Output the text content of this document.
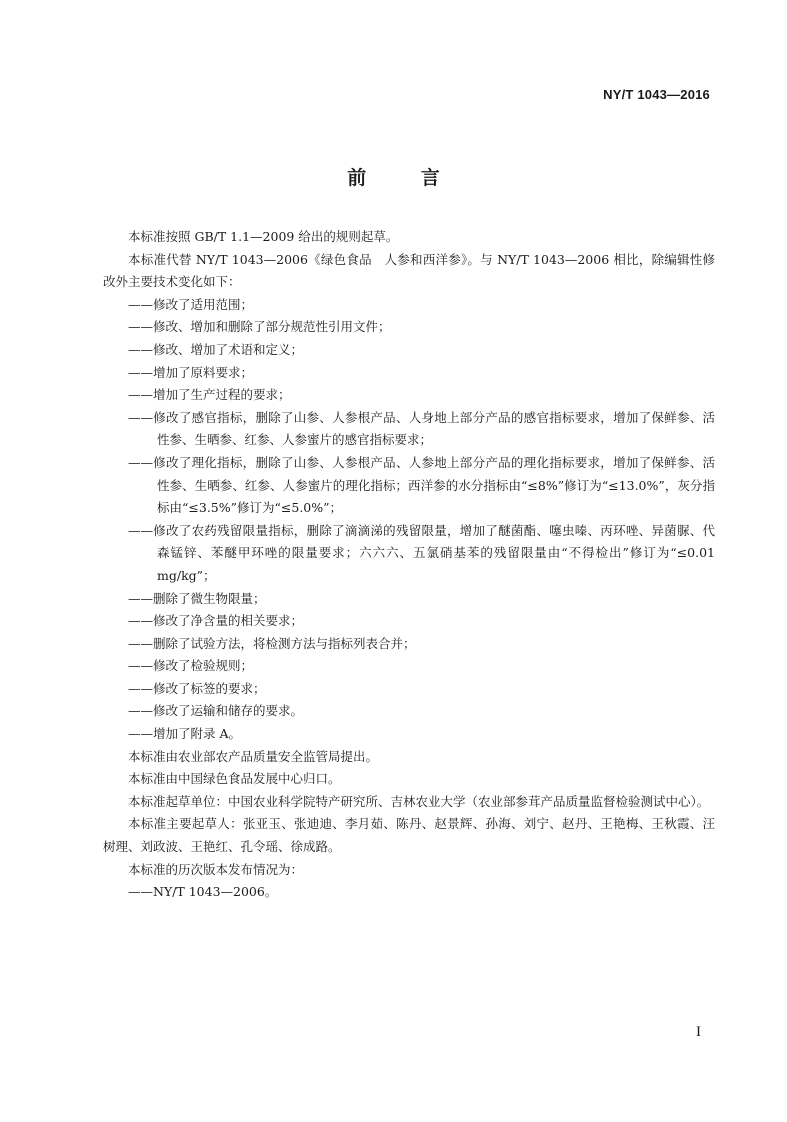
NY/T 1043—2016
前 言

本标准按照 GB/T 1.1—2009 给出的规则起草。

本标准代替 NY/T 1043—2006《绿色食品　人参和西洋参》。与 NY/T 1043—2006 相比，除编辑性修改外主要技术变化如下：

——修改了适用范围；

——修改、增加和删除了部分规范性引用文件；

——修改、增加了术语和定义；

——增加了原料要求；

——增加了生产过程的要求；

——修改了感官指标，删除了山参、人参根产品、人身地上部分产品的感官指标要求，增加了保鲜参、活性参、生晒参、红参、人参蜜片的感官指标要求；

——修改了理化指标，删除了山参、人参根产品、人参地上部分产品的理化指标要求，增加了保鲜参、活性参、生晒参、红参、人参蜜片的理化指标；西洋参的水分指标由“≤8%”修订为“≤13.0%”，灰分指标由“≤3.5%”修订为“≤5.0%”；

——修改了农药残留限量指标，删除了滴滴涕的残留限量，增加了醚菌酯、噻虫嗪、丙环唑、异菌脲、代森锰锌、苯醚甲环唑的限量要求；六六六、五氯硝基苯的残留限量由“不得检出”修订为“≤0.01 mg/kg”；

——删除了微生物限量；

——修改了净含量的相关要求；

——删除了试验方法，将检测方法与指标列表合并；

——修改了检验规则；

——修改了标签的要求；

——修改了运输和储存的要求。

——增加了附录 A。

本标准由农业部农产品质量安全监管局提出。

本标准由中国绿色食品发展中心归口。

本标准起草单位：中国农业科学院特产研究所、吉林农业大学（农业部参茸产品质量监督检验测试中心）。

本标准主要起草人：张亚玉、张迪迪、李月茹、陈丹、赵景辉、孙海、刘宁、赵丹、王艳梅、王秋霞、汪树理、刘政波、王艳红、孔令瑶、徐成路。

本标准的历次版本发布情况为：

——NY/T 1043—2006。

I
